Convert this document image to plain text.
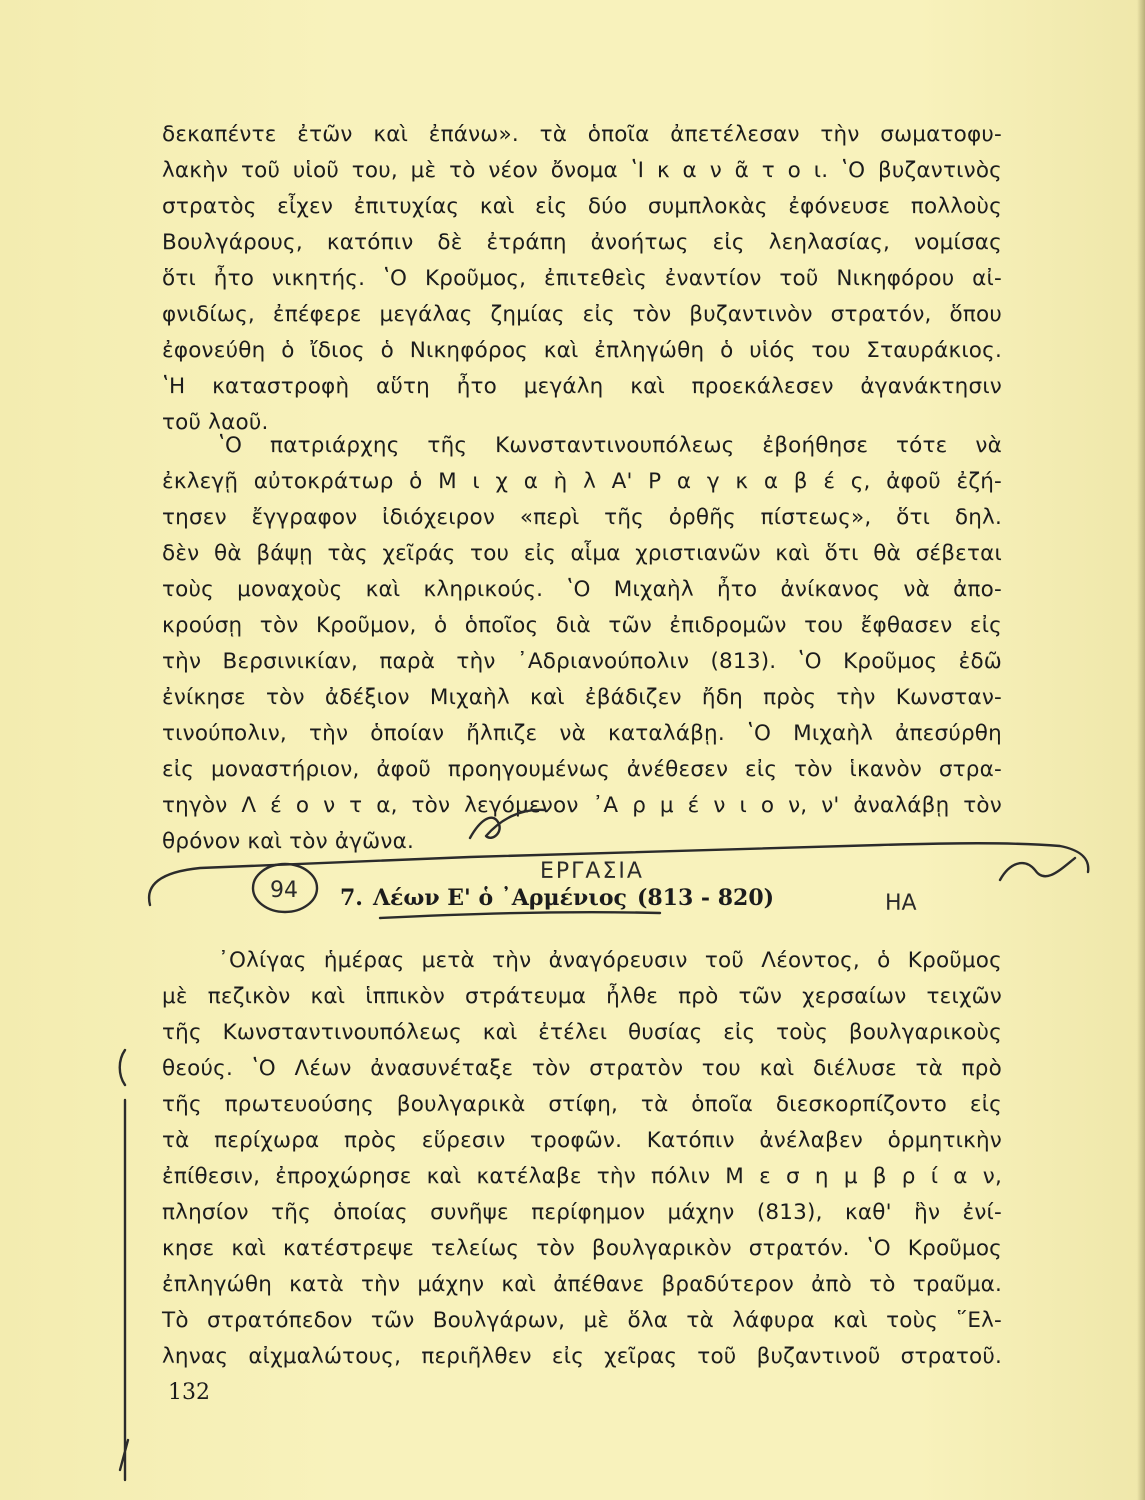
δεκαπέντε ἐτῶν καὶ ἐπάνω». τὰ ὁποῖα ἀπετέλεσαν τὴν σωματοφυ-
λακὴν τοῦ υἱοῦ του, μὲ τὸ νέον ὄνομα ʽΙ κ α ν ᾶ τ ο ι. ʽΟ βυζαντινὸς
στρατὸς εἶχεν ἐπιτυχίας καὶ εἰς δύο συμπλοκὰς ἐφόνευσε πολλοὺς
Βουλγάρους, κατόπιν δὲ ἐτράπη ἀνοήτως εἰς λεηλασίας, νομίσας
ὅτι ἦτο νικητής. ʽΟ Κροῦμος, ἐπιτεθεὶς ἐναντίον τοῦ Νικηφόρου αἰ-
φνιδίως, ἐπέφερε μεγάλας ζημίας εἰς τὸν βυζαντινὸν στρατόν, ὅπου
ἐφονεύθη ὁ ἴδιος ὁ Νικηφόρος καὶ ἐπληγώθη ὁ υἱός του Σταυράκιος.
ʽΗ καταστροφὴ αὕτη ἦτο μεγάλη καὶ προεκάλεσεν ἀγανάκτησιν
τοῦ λαοῦ.
ʽΟ πατριάρχης τῆς Κωνσταντινουπόλεως ἐβοήθησε τότε νὰ
ἐκλεγῇ αὐτοκράτωρ ὁ Μ ι χ α ὴ λ Α' Ρ α γ κ α β έ ς, ἀφοῦ ἐζή-
τησεν ἔγγραφον ἰδιόχειρον «περὶ τῆς ὀρθῆς πίστεως», ὅτι δηλ.
δὲν θὰ βάψῃ τὰς χεῖράς του εἰς αἷμα χριστιανῶν καὶ ὅτι θὰ σέβεται
τοὺς μοναχοὺς καὶ κληρικούς. ʽΟ Μιχαὴλ ἦτο ἀνίκανος νὰ ἀπο-
κρούσῃ τὸν Κροῦμον, ὁ ὁποῖος διὰ τῶν ἐπιδρομῶν του ἔφθασεν εἰς
τὴν Βερσινικίαν, παρὰ τὴν ᾿Αδριανούπολιν (813). ʽΟ Κροῦμος ἐδῶ
ἐνίκησε τὸν ἀδέξιον Μιχαὴλ καὶ ἐβάδιζεν ἤδη πρὸς τὴν Κωνσταν-
τινούπολιν, τὴν ὁποίαν ἤλπιζε νὰ καταλάβῃ. ʽΟ Μιχαὴλ ἀπεσύρθη
εἰς μοναστήριον, ἀφοῦ προηγουμένως ἀνέθεσεν εἰς τὸν ἱκανὸν στρα-
τηγὸν Λ έ ο ν τ α, τὸν λεγόμενον ᾿Α ρ μ έ ν ι ο ν, ν' ἀναλάβῃ τὸν
θρόνον καὶ τὸν ἀγῶνα.
7. Λέων Ε' ὁ ᾿Αρμένιος (813 - 820)
᾿Ολίγας ἡμέρας μετὰ τὴν ἀναγόρευσιν τοῦ Λέοντος, ὁ Κροῦμος
μὲ πεζικὸν καὶ ἱππικὸν στράτευμα ἦλθε πρὸ τῶν χερσαίων τειχῶν
τῆς Κωνσταντινουπόλεως καὶ ἐτέλει θυσίας εἰς τοὺς βουλγαρικοὺς
θεούς. ʽΟ Λέων ἀνασυνέταξε τὸν στρατὸν του καὶ διέλυσε τὰ πρὸ
τῆς πρωτευούσης βουλγαρικὰ στίφη, τὰ ὁποῖα διεσκορπίζοντο εἰς
τὰ περίχωρα πρὸς εὕρεσιν τροφῶν. Κατόπιν ἀνέλαβεν ὁρμητικὴν
ἐπίθεσιν, ἐπροχώρησε καὶ κατέλαβε τὴν πόλιν Μ ε σ η μ β ρ ί α ν,
πλησίον τῆς ὁποίας συνῆψε περίφημον μάχην (813), καθ' ἣν ἐνί-
κησε καὶ κατέστρεψε τελείως τὸν βουλγαρικὸν στρατόν. ʽΟ Κροῦμος
ἐπληγώθη κατὰ τὴν μάχην καὶ ἀπέθανε βραδύτερον ἀπὸ τὸ τραῦμα.
Τὸ στρατόπεδον τῶν Βουλγάρων, μὲ ὅλα τὰ λάφυρα καὶ τοὺς ῞Ελ-
ληνας αἰχμαλώτους, περιῆλθεν εἰς χεῖρας τοῦ βυζαντινοῦ στρατοῦ.
132
94
ΕΡΓΑΣΙΑ
ΗΑ
